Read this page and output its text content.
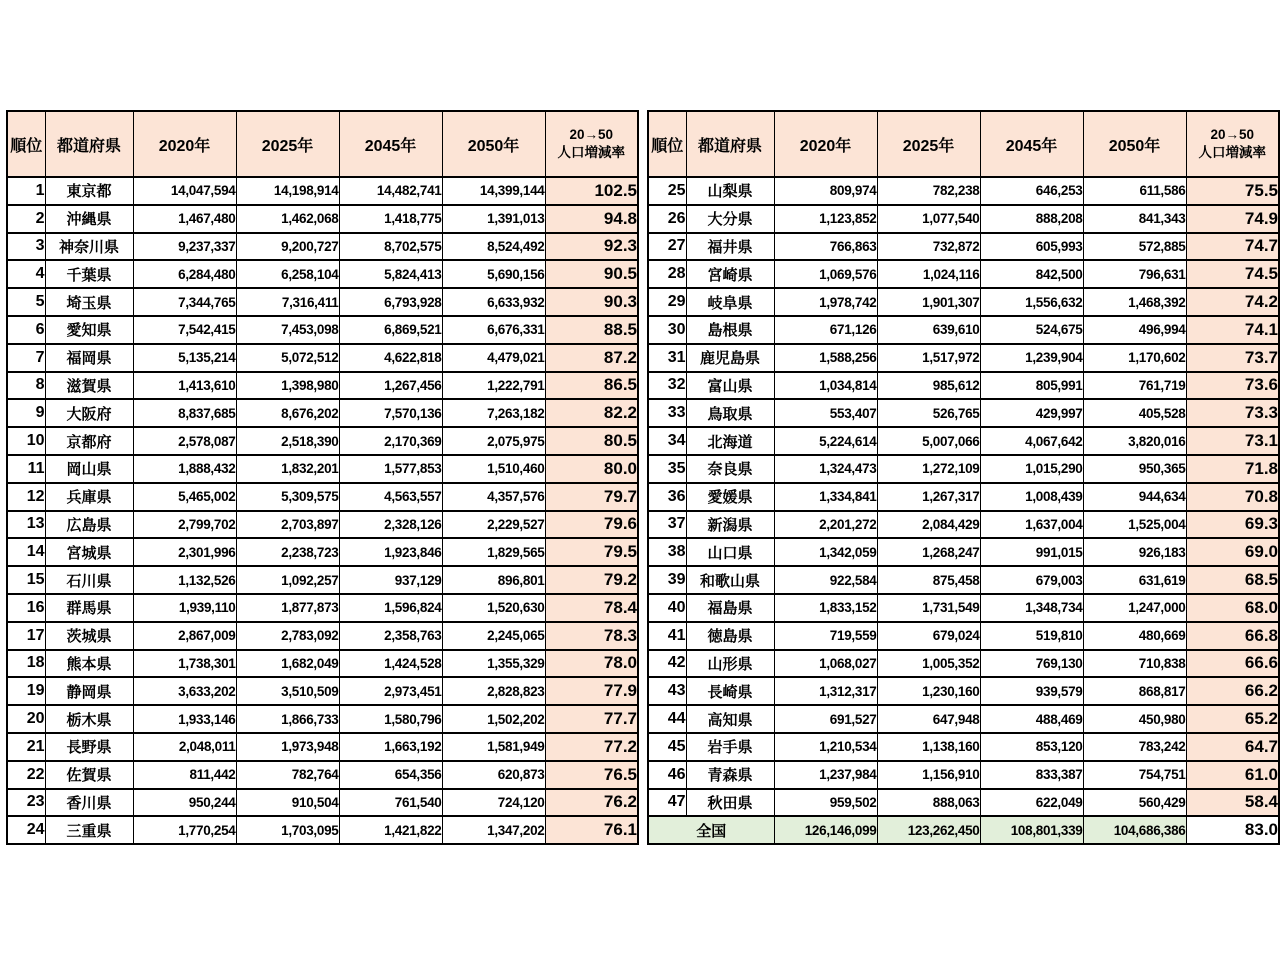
順位	都道府県	2020年	2025年	2045年	2050年	20→50
人口増減率

1	東京都	14,047,594	14,198,914	14,482,741	14,399,144	102.5
2	沖縄県	1,467,480	1,462,068	1,418,775	1,391,013	94.8
3	神奈川県	9,237,337	9,200,727	8,702,575	8,524,492	92.3
4	千葉県	6,284,480	6,258,104	5,824,413	5,690,156	90.5
5	埼玉県	7,344,765	7,316,411	6,793,928	6,633,932	90.3
6	愛知県	7,542,415	7,453,098	6,869,521	6,676,331	88.5
7	福岡県	5,135,214	5,072,512	4,622,818	4,479,021	87.2
8	滋賀県	1,413,610	1,398,980	1,267,456	1,222,791	86.5
9	大阪府	8,837,685	8,676,202	7,570,136	7,263,182	82.2
10	京都府	2,578,087	2,518,390	2,170,369	2,075,975	80.5
11	岡山県	1,888,432	1,832,201	1,577,853	1,510,460	80.0
12	兵庫県	5,465,002	5,309,575	4,563,557	4,357,576	79.7
13	広島県	2,799,702	2,703,897	2,328,126	2,229,527	79.6
14	宮城県	2,301,996	2,238,723	1,923,846	1,829,565	79.5
15	石川県	1,132,526	1,092,257	937,129	896,801	79.2
16	群馬県	1,939,110	1,877,873	1,596,824	1,520,630	78.4
17	茨城県	2,867,009	2,783,092	2,358,763	2,245,065	78.3
18	熊本県	1,738,301	1,682,049	1,424,528	1,355,329	78.0
19	静岡県	3,633,202	3,510,509	2,973,451	2,828,823	77.9
20	栃木県	1,933,146	1,866,733	1,580,796	1,502,202	77.7
21	長野県	2,048,011	1,973,948	1,663,192	1,581,949	77.2
22	佐賀県	811,442	782,764	654,356	620,873	76.5
23	香川県	950,244	910,504	761,540	724,120	76.2
24	三重県	1,770,254	1,703,095	1,421,822	1,347,202	76.1
順位	都道府県	2020年	2025年	2045年	2050年	20→50
人口増減率

25	山梨県	809,974	782,238	646,253	611,586	75.5
26	大分県	1,123,852	1,077,540	888,208	841,343	74.9
27	福井県	766,863	732,872	605,993	572,885	74.7
28	宮崎県	1,069,576	1,024,116	842,500	796,631	74.5
29	岐阜県	1,978,742	1,901,307	1,556,632	1,468,392	74.2
30	島根県	671,126	639,610	524,675	496,994	74.1
31	鹿児島県	1,588,256	1,517,972	1,239,904	1,170,602	73.7
32	富山県	1,034,814	985,612	805,991	761,719	73.6
33	鳥取県	553,407	526,765	429,997	405,528	73.3
34	北海道	5,224,614	5,007,066	4,067,642	3,820,016	73.1
35	奈良県	1,324,473	1,272,109	1,015,290	950,365	71.8
36	愛媛県	1,334,841	1,267,317	1,008,439	944,634	70.8
37	新潟県	2,201,272	2,084,429	1,637,004	1,525,004	69.3
38	山口県	1,342,059	1,268,247	991,015	926,183	69.0
39	和歌山県	922,584	875,458	679,003	631,619	68.5
40	福島県	1,833,152	1,731,549	1,348,734	1,247,000	68.0
41	徳島県	719,559	679,024	519,810	480,669	66.8
42	山形県	1,068,027	1,005,352	769,130	710,838	66.6
43	長崎県	1,312,317	1,230,160	939,579	868,817	66.2
44	高知県	691,527	647,948	488,469	450,980	65.2
45	岩手県	1,210,534	1,138,160	853,120	783,242	64.7
46	青森県	1,237,984	1,156,910	833,387	754,751	61.0
47	秋田県	959,502	888,063	622,049	560,429	58.4
全国		126,146,099	123,262,450	108,801,339	104,686,386	83.0
